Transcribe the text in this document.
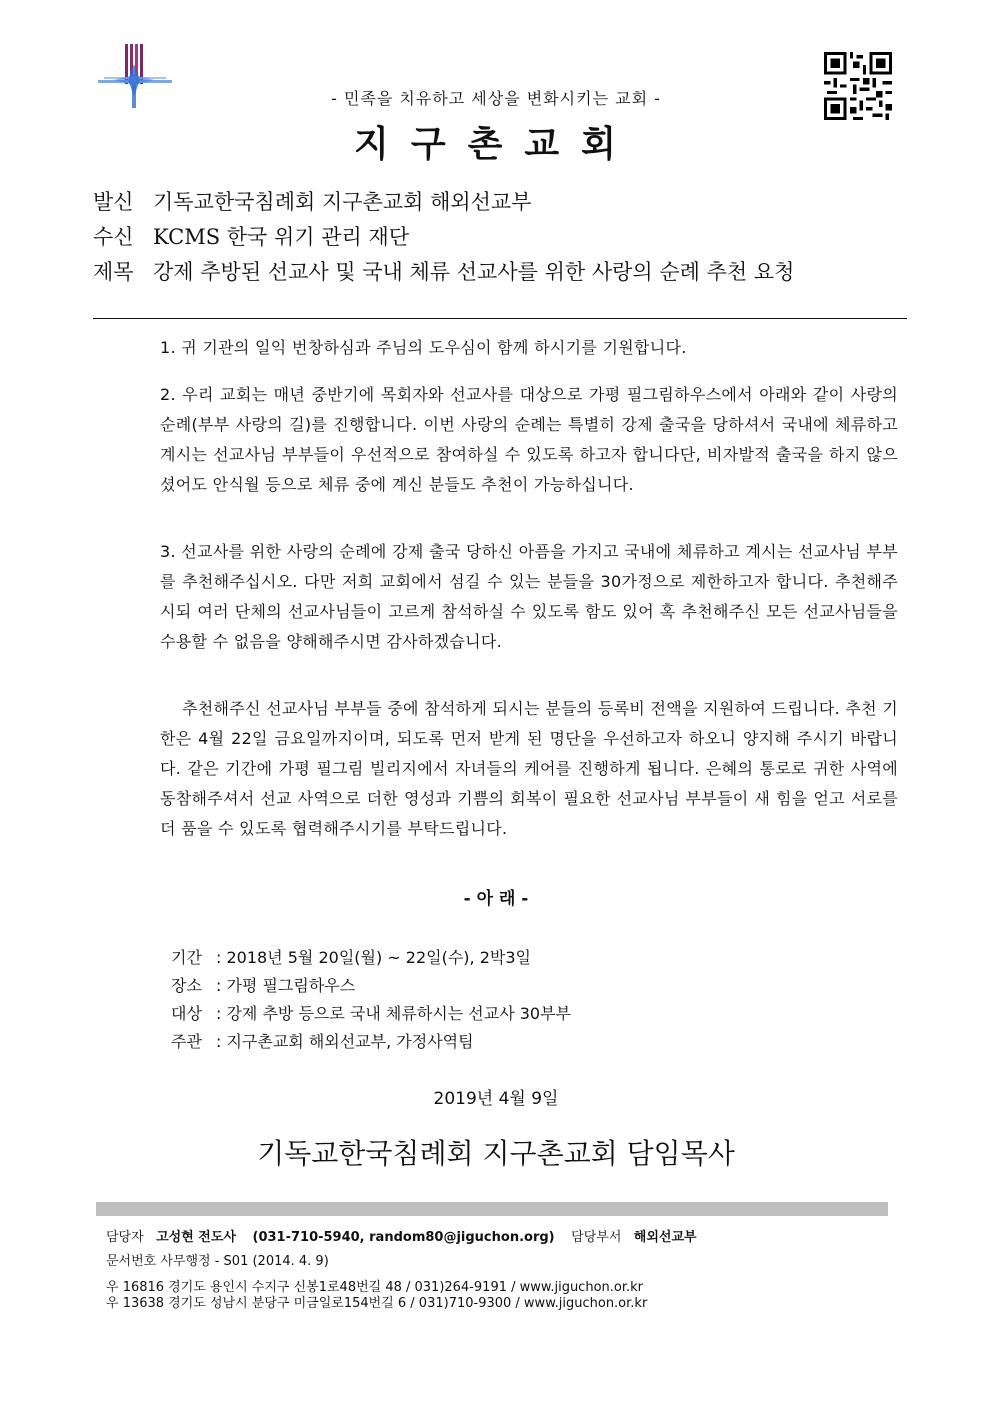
- 민족을 치유하고 세상을 변화시키는 교회 -
지구촌교회
발신 기독교한국침례회 지구촌교회 해외선교부
수신 KCMS 한국 위기 관리 재단
제목 강제 추방된 선교사 및 국내 체류 선교사를 위한 사랑의 순례 추천 요청
1. 귀 기관의 일익 번창하심과 주님의 도우심이 함께 하시기를 기원합니다.
2. 우리 교회는 매년 중반기에 목회자와 선교사를 대상으로 가평 필그림하우스에서 아래와 같이 사랑의 순례(부부 사랑의 길)를 진행합니다. 이번 사랑의 순례는 특별히 강제 출국을 당하셔서 국내에 체류하고 계시는 선교사님 부부들이 우선적으로 참여하실 수 있도록 하고자 합니다단, 비자발적 출국을 하지 않으셨어도 안식월 등으로 체류 중에 계신 분들도 추천이 가능하십니다.
3. 선교사를 위한 사랑의 순례에 강제 출국 당하신 아픔을 가지고 국내에 체류하고 계시는 선교사님 부부를 추천해주십시오. 다만 저희 교회에서 섬길 수 있는 분들을 30가정으로 제한하고자 합니다. 추천해주시되 여러 단체의 선교사님들이 고르게 참석하실 수 있도록 함도 있어 혹 추천해주신 모든 선교사님들을 수용할 수 없음을 양해해주시면 감사하겠습니다.
추천해주신 선교사님 부부들 중에 참석하게 되시는 분들의 등록비 전액을 지원하여 드립니다. 추천 기한은 4월 22일 금요일까지이며, 되도록 먼저 받게 된 명단을 우선하고자 하오니 양지해 주시기 바랍니다. 같은 기간에 가평 필그림 빌리지에서 자녀들의 케어를 진행하게 됩니다. 은혜의 통로로 귀한 사역에 동참해주셔서 선교 사역으로 더한 영성과 기쁨의 회복이 필요한 선교사님 부부들이 새 힘을 얻고 서로를 더 품을 수 있도록 협력해주시기를 부탁드립니다.
- 아 래 -
기간 : 2018년 5월 20일(월) ~ 22일(수), 2박3일
장소 : 가평 필그림하우스
대상 : 강제 추방 등으로 국내 체류하시는 선교사 30부부
주관 : 지구촌교회 해외선교부, 가정사역팀
2019년 4월 9일
기독교한국침례회 지구촌교회 담임목사
담당자 고성현 전도사 (031-710-5940, random80@jiguchon.org) 담당부서 해외선교부
문서번호 사무행정 - S01 (2014. 4. 9)
우 16816 경기도 용인시 수지구 신봉1로48번길 48 / 031)264-9191 / www.jiguchon.or.kr
우 13638 경기도 성남시 분당구 미금일로154번길 6 / 031)710-9300 / www.jiguchon.or.kr
